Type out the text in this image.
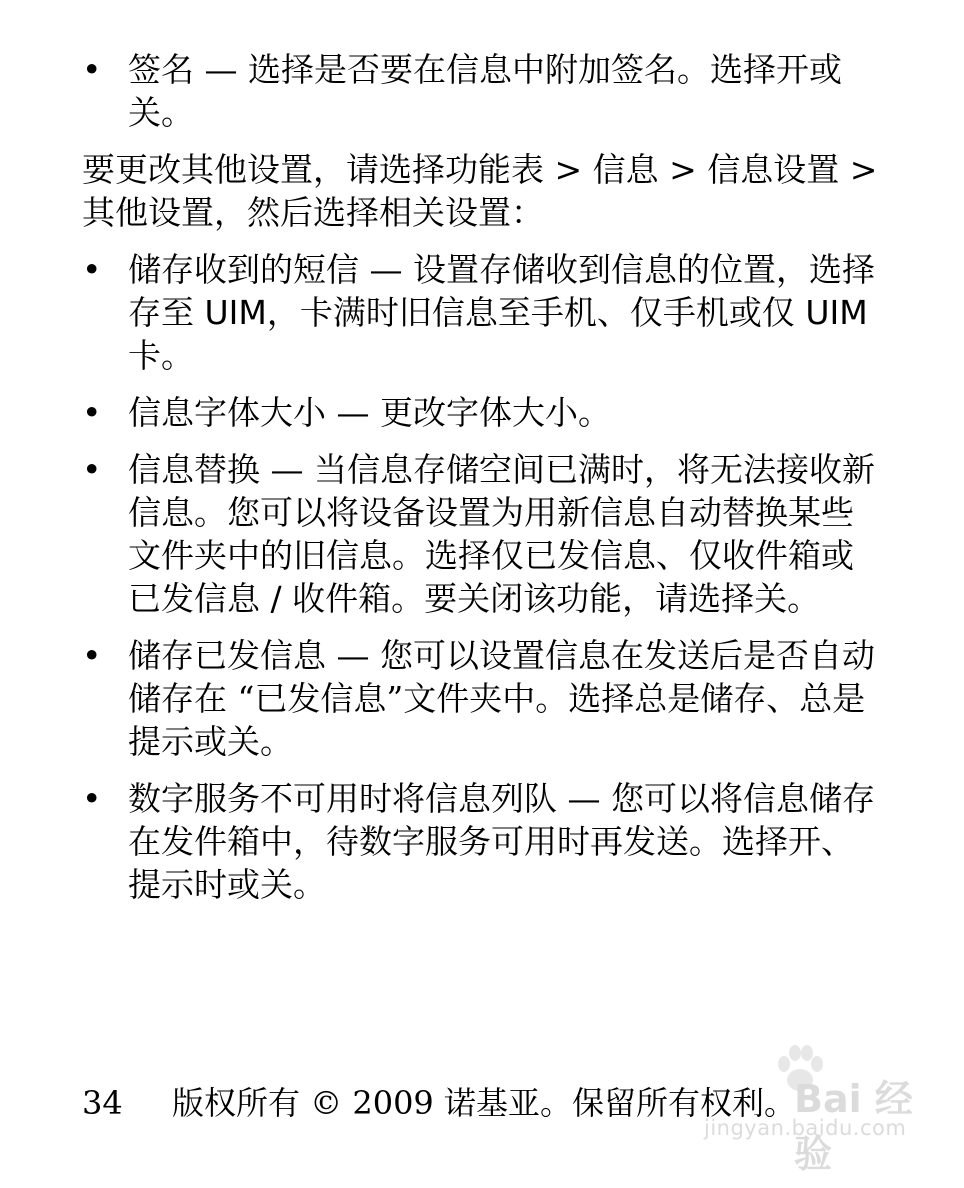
• 签名 — 选择是否要在信息中附加签名。选择开或关。
要更改其他设置，请选择功能表 > 信息 > 信息设置 > 其他设置，然后选择相关设置：
• 储存收到的短信 — 设置存储收到信息的位置，选择存至 UIM，卡满时旧信息至手机、仅手机或仅 UIM 卡。
• 信息字体大小 — 更改字体大小。
• 信息替换 — 当信息存储空间已满时，将无法接收新信息。您可以将设备设置为用新信息自动替换某些文件夹中的旧信息。选择仅已发信息、仅收件箱或已发信息 / 收件箱。要关闭该功能，请选择关。
• 储存已发信息 — 您可以设置信息在发送后是否自动储存在 “已发信息”文件夹中。选择总是储存、总是提示或关。
• 数字服务不可用时将信息列队 — 您可以将信息储存在发件箱中，待数字服务可用时再发送。选择开、提示时或关。
34 版权所有 © 2009 诺基亚。保留所有权利。
Bai 经验
jingyan.baidu.com
